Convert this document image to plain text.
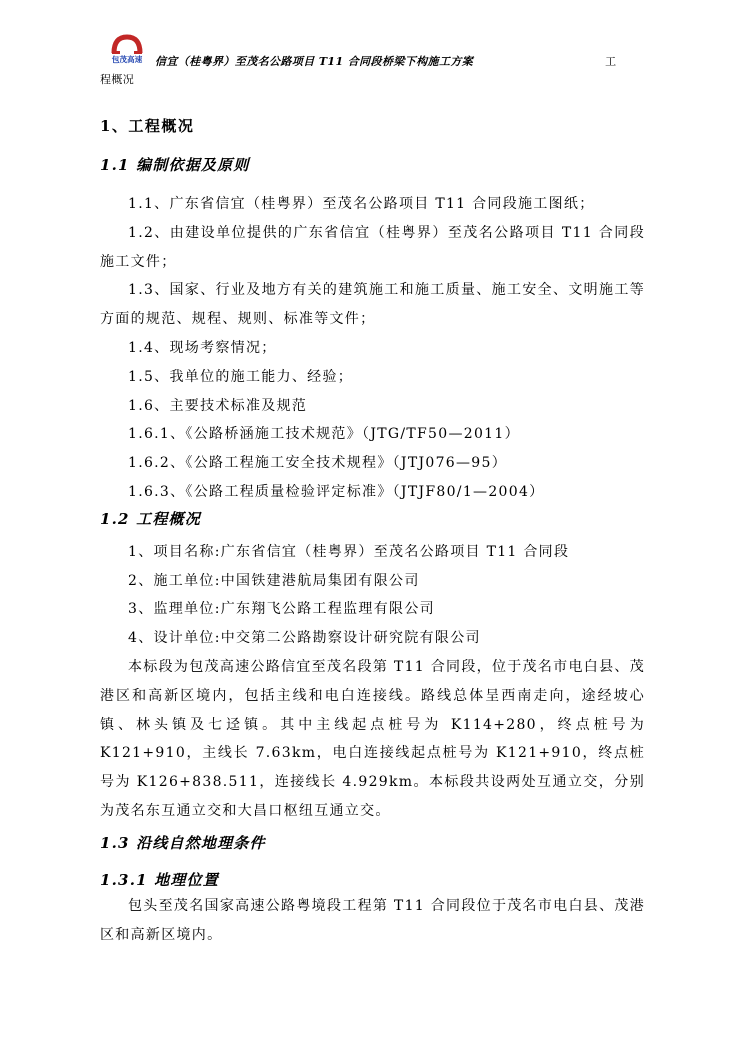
包茂高速	信宜（桂粤界）至茂名公路项目 T11 合同段桥梁下构施工方案	工
程概况
1、工程概况
1.1 编制依据及原则

1.1、广东省信宜（桂粤界）至茂名公路项目 T11 合同段施工图纸；

1.2、由建设单位提供的广东省信宜（桂粤界）至茂名公路项目 T11 合同段施工文件；

1.3、国家、行业及地方有关的建筑施工和施工质量、施工安全、文明施工等方面的规范、规程、规则、标准等文件；

1.4、现场考察情况；

1.5、我单位的施工能力、经验；

1.6、主要技术标准及规范

1.6.1、《公路桥涵施工技术规范》（JTG/TF50—2011）

1.6.2、《公路工程施工安全技术规程》（JTJ076—95）

1.6.3、《公路工程质量检验评定标准》（JTJF80/1—2004）

1.2 工程概况

1、项目名称:广东省信宜（桂粤界）至茂名公路项目 T11 合同段

2、施工单位:中国铁建港航局集团有限公司

3、监理单位:广东翔飞公路工程监理有限公司

4、设计单位:中交第二公路勘察设计研究院有限公司

本标段为包茂高速公路信宜至茂名段第 T11 合同段，位于茂名市电白县、茂港区和高新区境内，包括主线和电白连接线。路线总体呈西南走向，途经坡心镇、林头镇及七迳镇。其中主线起点桩号为 K114+280，终点桩号为 K121+910，主线长 7.63km，电白连接线起点桩号为 K121+910，终点桩号为 K126+838.511，连接线长 4.929km。本标段共设两处互通立交，分别为茂名东互通立交和大昌口枢纽互通立交。

1.3 沿线自然地理条件
1.3.1 地理位置

包头至茂名国家高速公路粤境段工程第 T11 合同段位于茂名市电白县、茂港区和高新区境内。
